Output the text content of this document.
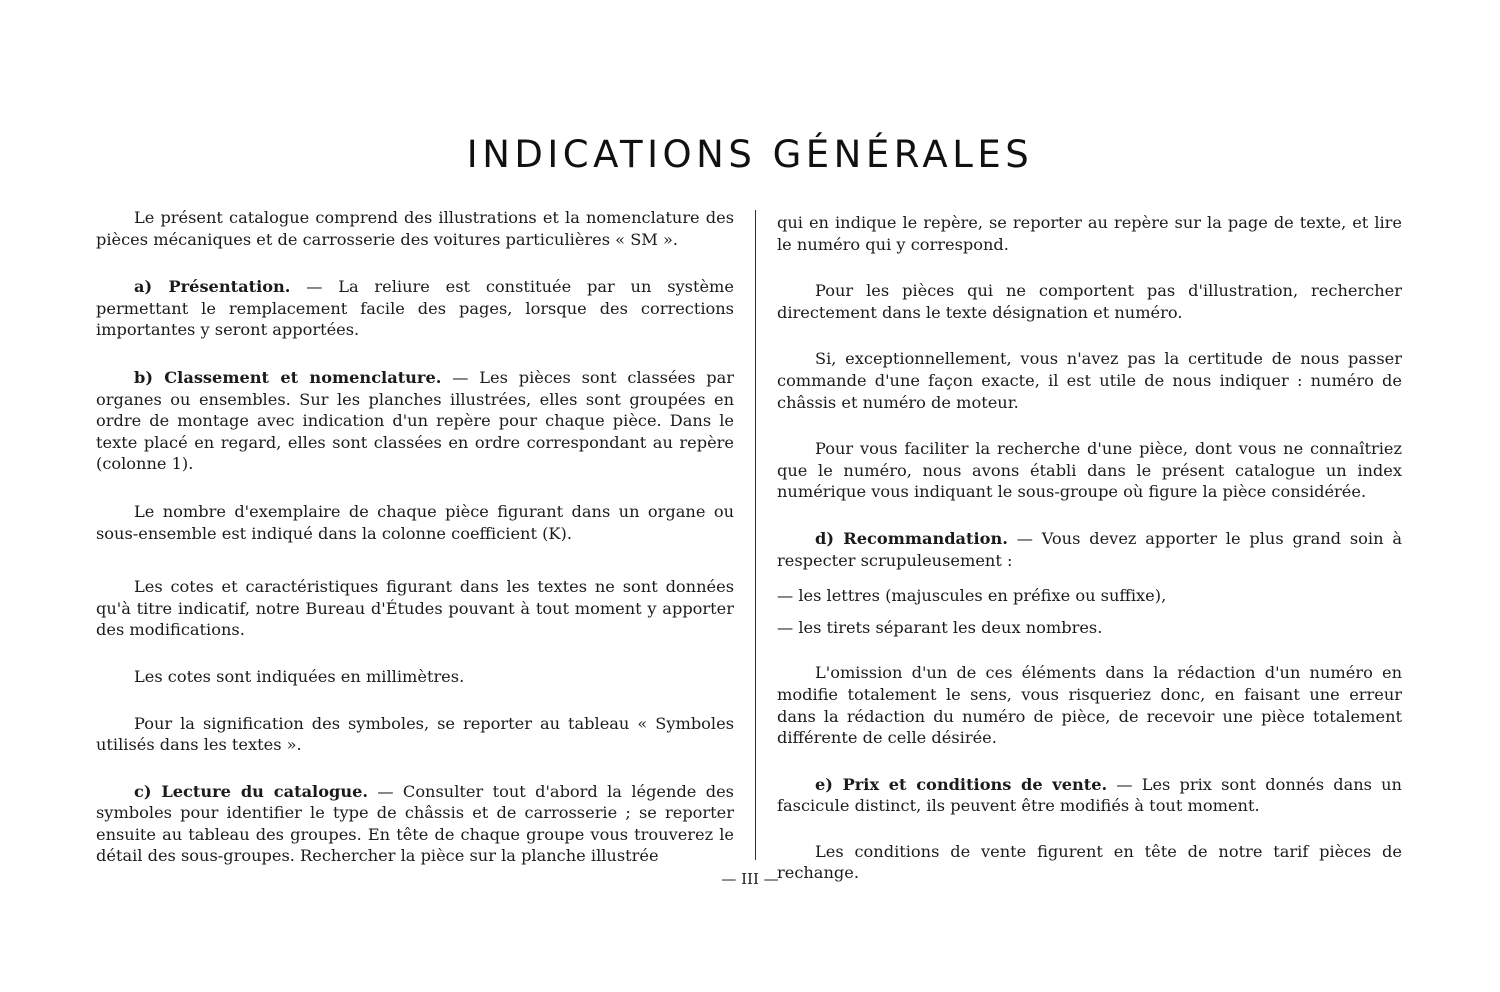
INDICATIONS GÉNÉRALES

Le présent catalogue comprend des illustrations et la nomenclature des pièces mécaniques et de carrosserie des voitures particulières « SM ».

a) Présentation. — La reliure est constituée par un système permettant le remplacement facile des pages, lorsque des corrections importantes y seront apportées.

b) Classement et nomenclature. — Les pièces sont classées par organes ou ensembles. Sur les planches illustrées, elles sont groupées en ordre de montage avec indication d'un repère pour chaque pièce. Dans le texte placé en regard, elles sont classées en ordre correspondant au repère (colonne 1).

Le nombre d'exemplaire de chaque pièce figurant dans un organe ou sous-ensemble est indiqué dans la colonne coefficient (K).

Les cotes et caractéristiques figurant dans les textes ne sont données qu'à titre indicatif, notre Bureau d'Études pouvant à tout moment y apporter des modifications.

Les cotes sont indiquées en millimètres.

Pour la signification des symboles, se reporter au tableau « Symboles utilisés dans les textes ».

c) Lecture du catalogue. — Consulter tout d'abord la légende des symboles pour identifier le type de châssis et de carrosserie ; se reporter ensuite au tableau des groupes. En tête de chaque groupe vous trouverez le détail des sous-groupes. Rechercher la pièce sur la planche illustrée

qui en indique le repère, se reporter au repère sur la page de texte, et lire le numéro qui y correspond.

Pour les pièces qui ne comportent pas d'illustration, rechercher directement dans le texte désignation et numéro.

Si, exceptionnellement, vous n'avez pas la certitude de nous passer commande d'une façon exacte, il est utile de nous indiquer : numéro de châssis et numéro de moteur.

Pour vous faciliter la recherche d'une pièce, dont vous ne connaîtriez que le numéro, nous avons établi dans le présent catalogue un index numérique vous indiquant le sous-groupe où figure la pièce considérée.

d) Recommandation. — Vous devez apporter le plus grand soin à respecter scrupuleusement :

— les lettres (majuscules en préfixe ou suffixe),

— les tirets séparant les deux nombres.

L'omission d'un de ces éléments dans la rédaction d'un numéro en modifie totalement le sens, vous risqueriez donc, en faisant une erreur dans la rédaction du numéro de pièce, de recevoir une pièce totalement différente de celle désirée.

e) Prix et conditions de vente. — Les prix sont donnés dans un fascicule distinct, ils peuvent être modifiés à tout moment.

Les conditions de vente figurent en tête de notre tarif pièces de rechange.

— III —
